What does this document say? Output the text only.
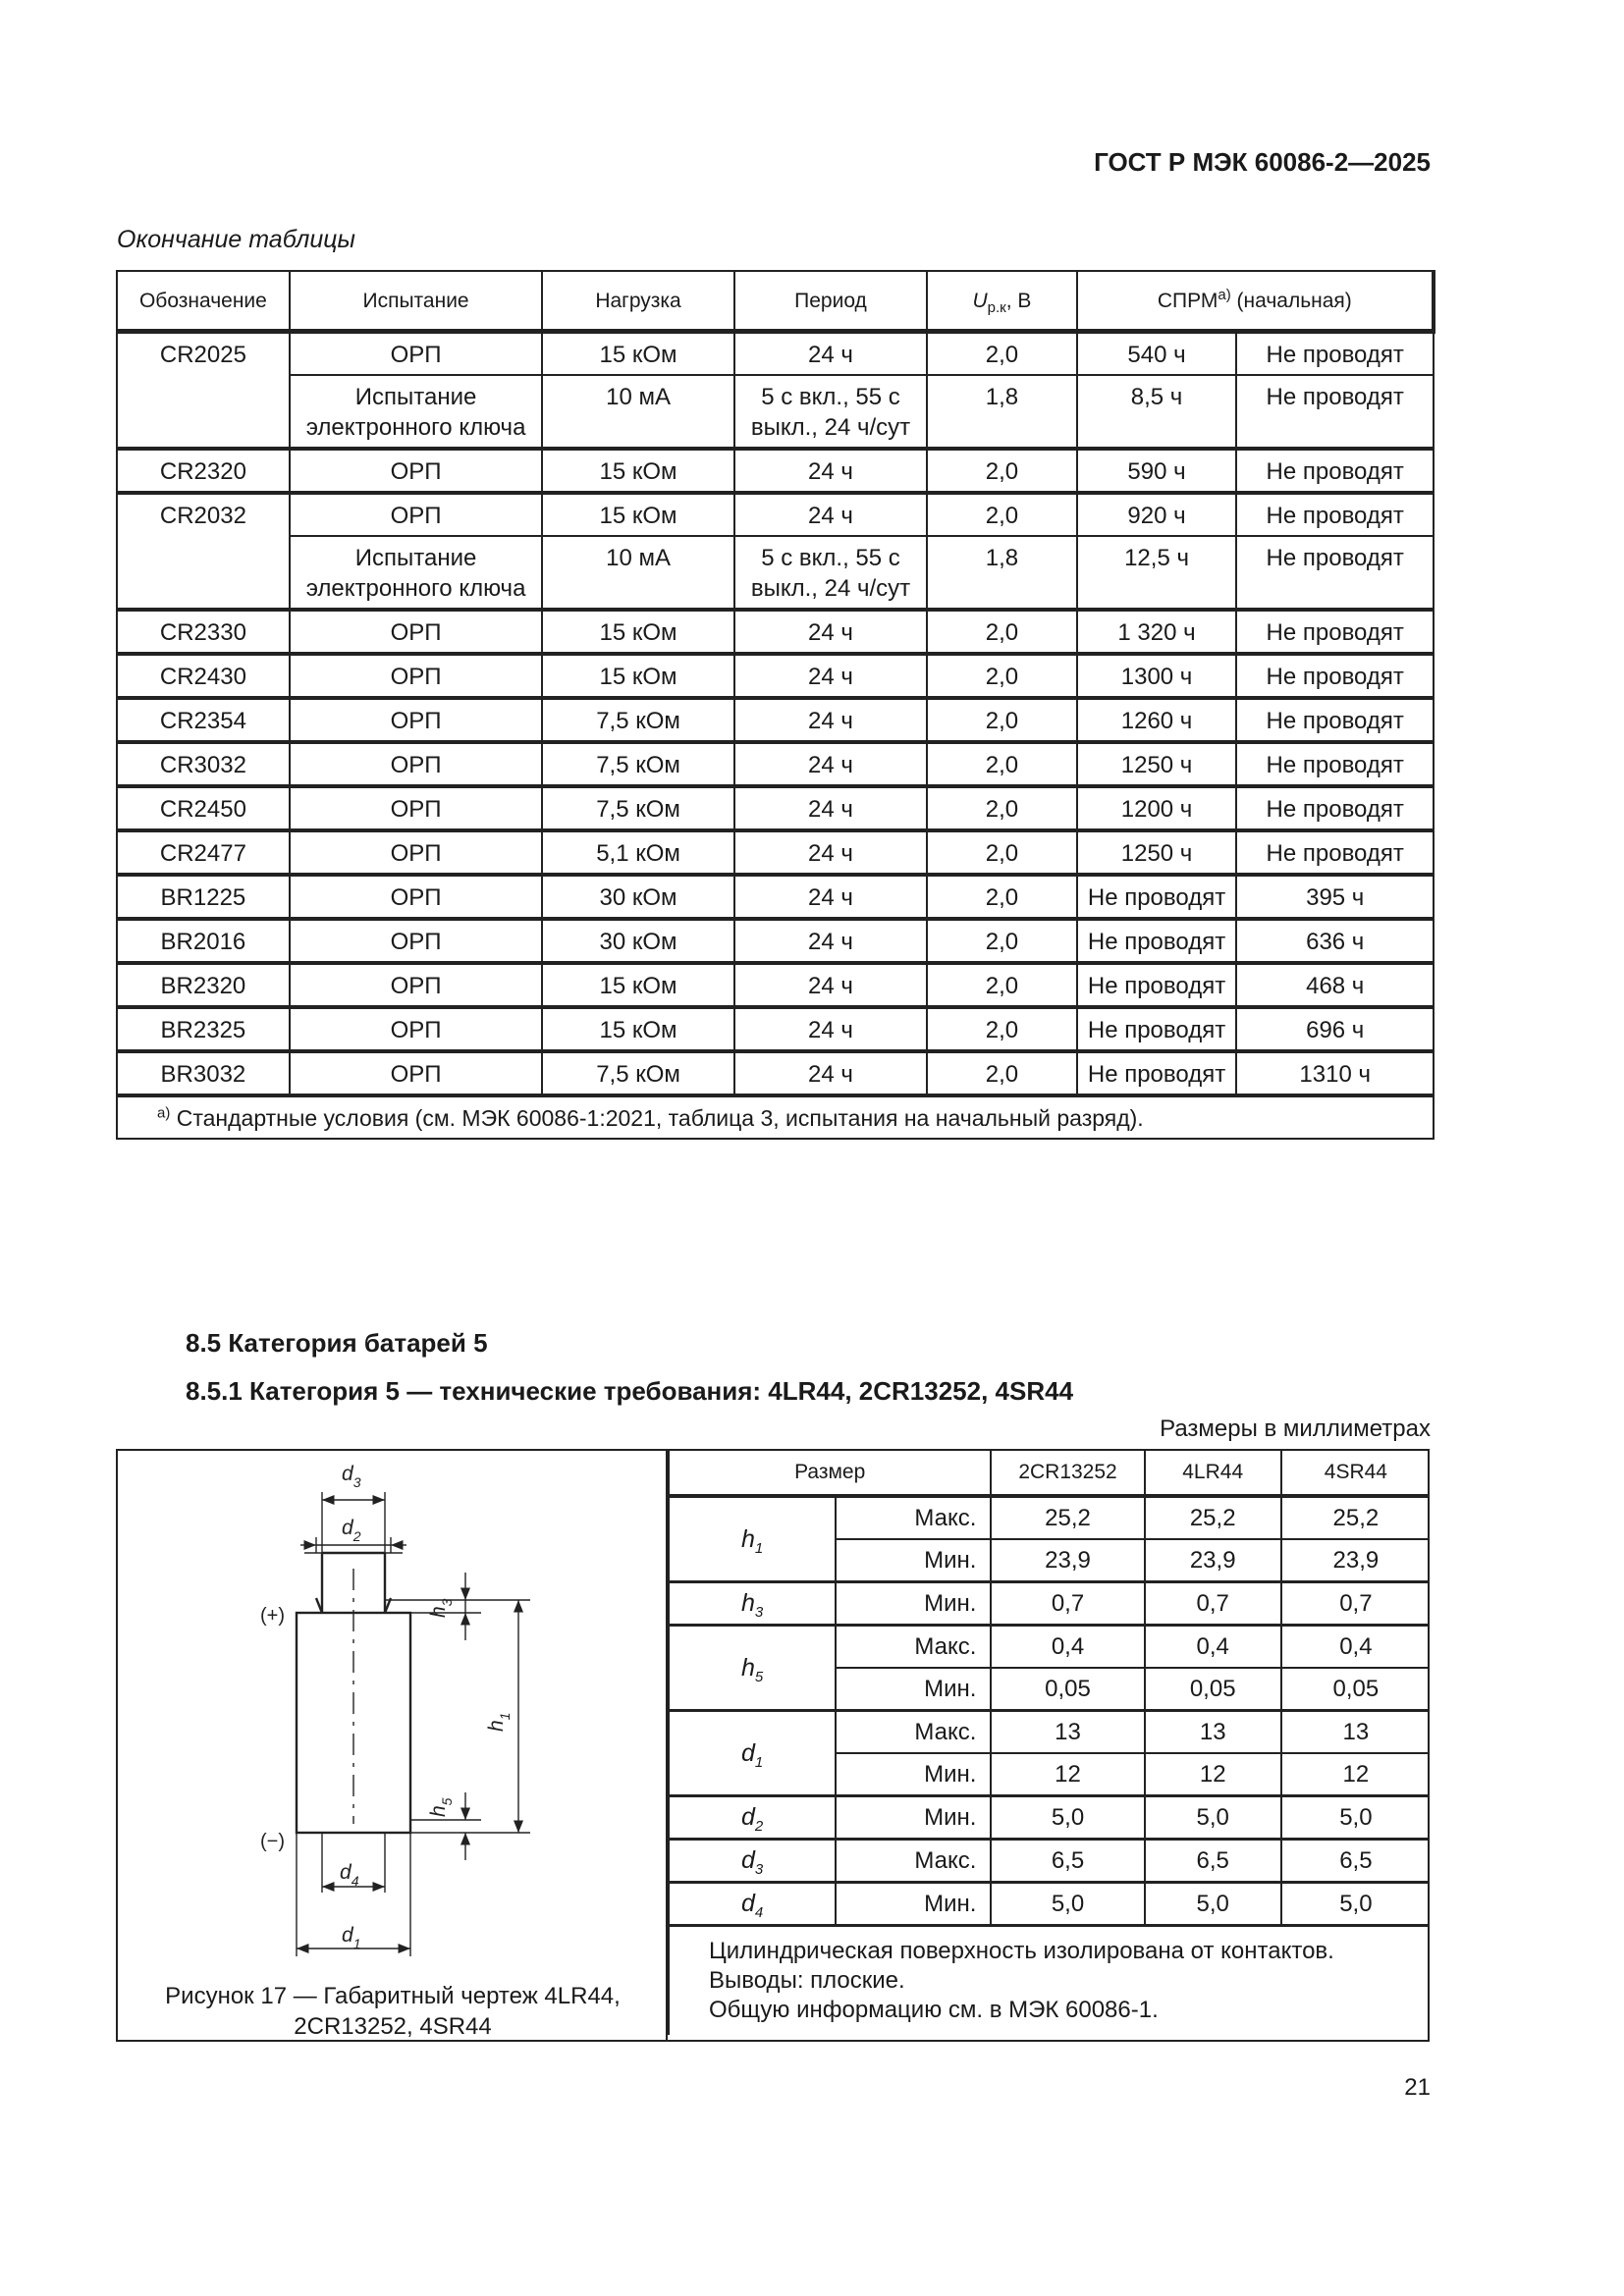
ГОСТ Р МЭК 60086-2—2025
Окончание таблицы
Обозначение	Испытание	Нагрузка	Период	$U_{р.к}$, В	$СПРМ^{а)}$ (начальная)	
CR2025	ОРП	15 кОм	24 ч	2,0	540 ч	Не проводят
	Испытание электронного ключа	10 мА	5 с вкл., 55 с выкл., 24 ч/сут	1,8	8,5 ч	Не проводят
CR2320	ОРП	15 кОм	24 ч	2,0	590 ч	Не проводят
CR2032	ОРП	15 кОм	24 ч	2,0	920 ч	Не проводят
	Испытание электронного ключа	10 мА	5 с вкл., 55 с выкл., 24 ч/сут	1,8	12,5 ч	Не проводят
CR2330	ОРП	15 кОм	24 ч	2,0	1 320 ч	Не проводят
CR2430	ОРП	15 кОм	24 ч	2,0	1300 ч	Не проводят
CR2354	ОРП	7,5 кОм	24 ч	2,0	1260 ч	Не проводят
CR3032	ОРП	7,5 кОм	24 ч	2,0	1250 ч	Не проводят
CR2450	ОРП	7,5 кОм	24 ч	2,0	1200 ч	Не проводят
CR2477	ОРП	5,1 кОм	24 ч	2,0	1250 ч	Не проводят
BR1225	ОРП	30 кОм	24 ч	2,0	Не проводят	395 ч
BR2016	ОРП	30 кОм	24 ч	2,0	Не проводят	636 ч
BR2320	ОРП	15 кОм	24 ч	2,0	Не проводят	468 ч
BR2325	ОРП	15 кОм	24 ч	2,0	Не проводят	696 ч
BR3032	ОРП	7,5 кОм	24 ч	2,0	Не проводят	1310 ч
$^{а)}$ Стандартные условия (см. МЭК 60086-1:2021, таблица 3, испытания на начальный разряд).						
8.5 Категория батарей 5
8.5.1 Категория 5 — технические требования: 4LR44, 2CR13252, 4SR44
Размеры в миллиметрах
(+)
(−)
$d_3$
$d_2$
$d_4$
$d_1$
$h_1$
$h_3$
$h_5$
Рисунок 17 — Габаритный чертеж 4LR44,
2CR13252, 4SR44
Размер		2CR13252	4LR44	4SR44
$h_1$	Макс.	25,2	25,2	25,2
	Мин.	23,9	23,9	23,9
$h_3$	Мин.	0,7	0,7	0,7
$h_5$	Макс.	0,4	0,4	0,4
	Мин.	0,05	0,05	0,05
$d_1$	Макс.	13	13	13
	Мин.	12	12	12
$d_2$	Мин.	5,0	5,0	5,0
$d_3$	Макс.	6,5	6,5	6,5
$d_4$	Мин.	5,0	5,0	5,0

Цилиндрическая поверхность изолирована от контактов.
Выводы: плоские.
Общую информацию см. в МЭК 60086-1.				
21
